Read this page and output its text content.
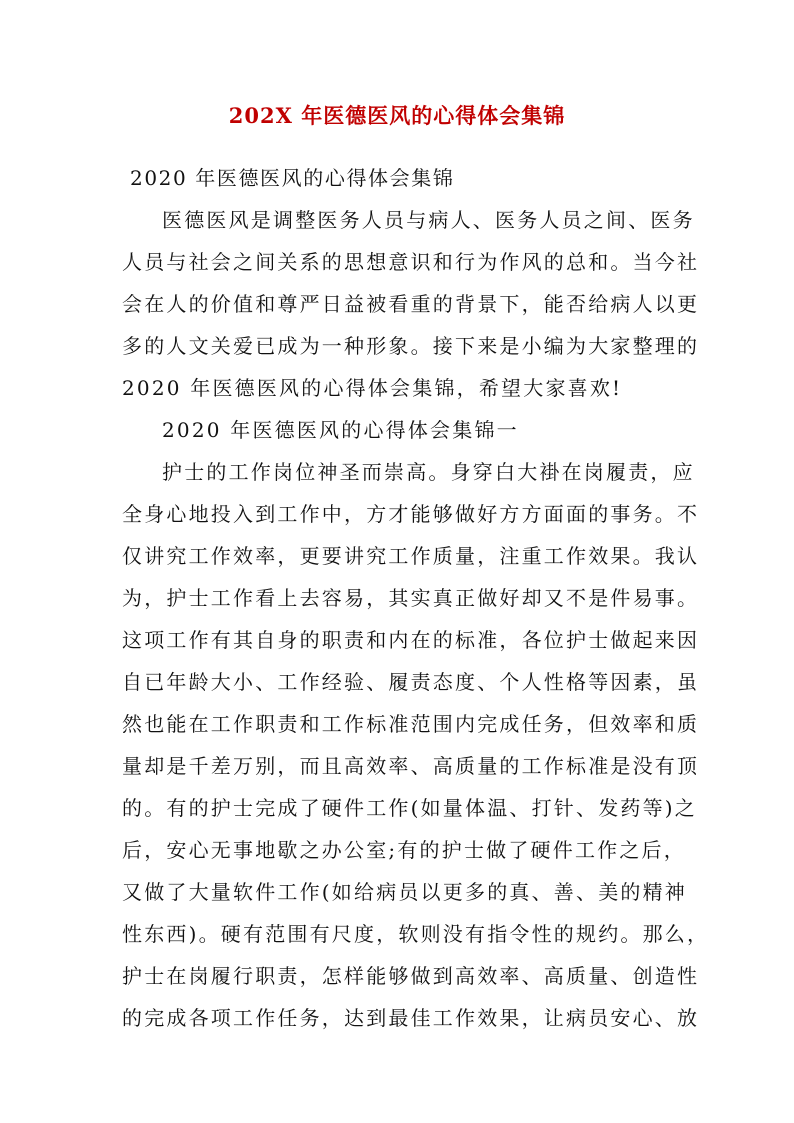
202X 年医德医风的心得体会集锦
2020 年医德医风的心得体会集锦
医德医风是调整医务人员与病人、医务人员之间、医务
人员与社会之间关系的思想意识和行为作风的总和。当今社
会在人的价值和尊严日益被看重的背景下，能否给病人以更
多的人文关爱已成为一种形象。接下来是小编为大家整理的
2020 年医德医风的心得体会集锦，希望大家喜欢!
2020 年医德医风的心得体会集锦一
护士的工作岗位神圣而崇高。身穿白大褂在岗履责，应
全身心地投入到工作中，方才能够做好方方面面的事务。不
仅讲究工作效率，更要讲究工作质量，注重工作效果。我认
为，护士工作看上去容易，其实真正做好却又不是件易事。
这项工作有其自身的职责和内在的标准，各位护士做起来因
自已年龄大小、工作经验、履责态度、个人性格等因素，虽
然也能在工作职责和工作标准范围内完成任务，但效率和质
量却是千差万别，而且高效率、高质量的工作标准是没有顶
的。有的护士完成了硬件工作(如量体温、打针、发药等)之
后，安心无事地歇之办公室;有的护士做了硬件工作之后，
又做了大量软件工作(如给病员以更多的真、善、美的精神
性东西)。硬有范围有尺度，软则没有指令性的规约。那么，
护士在岗履行职责，怎样能够做到高效率、高质量、创造性
的完成各项工作任务，达到最佳工作效果，让病员安心、放
